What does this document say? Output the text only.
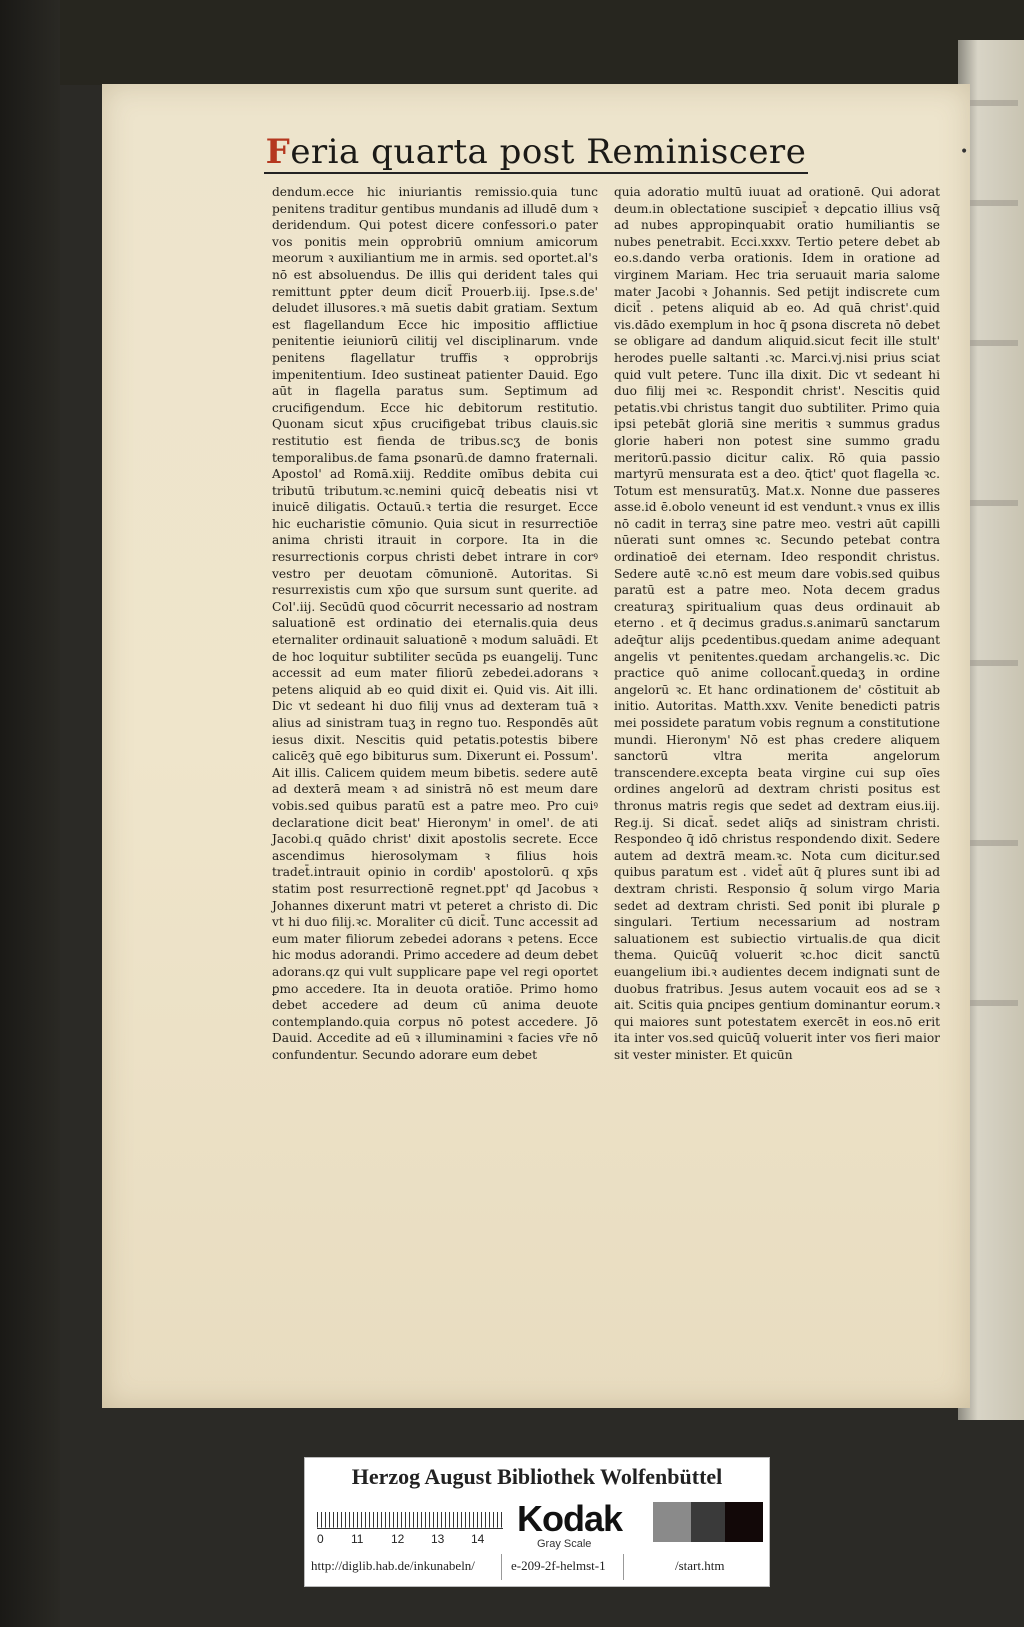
Feria quarta post Reminiscere	•

dendum.ecce hic iniuriantis remissio.quia tunc penitens traditur gentibus mundanis ad illudē dum ꝛ deridendum. Qui potest dicere confessori.o pater vos ponitis mein opprobriū omnium amicorum meorum ꝛ auxiliantium me in armis. sed oportet.al's nō est absoluendus. De illis qui derident tales qui remittunt ꝑpter deum dicit̄ Prouerb.iij. Ipse.s.de' deludet illusores.ꝛ mā suetis dabit gratiam. Sextum est flagellandum Ecce hic impositio afflictiue penitentie ieiuniorū cilitij vel disciplinarum. vnde penitens flagellatur truffis ꝛ opprobrijs impenitentium. Ideo sustineat patienter Dauid. Ego aūt in flagella paratus sum. Septimum ad crucifigendum. Ecce hic debitorum restitutio. Quonam sicut xp̄us crucifigebat tribus clauis.sic restitutio est fienda de tribus.scʒ de bonis temporalibus.de fama ꝑsonarū.de damno fraternali. Apostol' ad Romā.xiij. Reddite omībus debita cui tributū tributum.ꝛc.nemini quicq̄ debeatis nisi vt inuicē diligatis. Octauū.ꝛ tertia die resurget. Ecce hic eucharistie cōmunio. Quia sicut in resurrectiōe anima christi itrauit in corpore. Ita in die resurrectionis corpus christi debet intrare in corꝰ vestro per deuotam cōmunionē. Autoritas. Si resurrexistis cum xp̄o que sursum sunt querite. ad Col'.iij. Secūdū quod cōcurrit necessario ad nostram saluationē est ordinatio dei eternalis.quia deus eternaliter ordinauit saluationē ꝛ modum saluādi. Et de hoc loquitur subtiliter secūda ps euangelij. Tunc accessit ad eum mater filiorū zebedei.adorans ꝛ petens aliquid ab eo quid dixit ei. Quid vis. Ait illi. Dic vt sedeant hi duo filij vnus ad dexteram tuā ꝛ alius ad sinistram tuaʒ in regno tuo. Respondēs aūt iesus dixit. Nescitis quid petatis.potestis bibere calicēʒ quē ego bibiturus sum. Dixerunt ei. Possum'. Ait illis. Calicem quidem meum bibetis. sedere autē ad dexterā meam ꝛ ad sinistrā nō est meum dare vobis.sed quibus paratū est a patre meo. Pro cuiꝰ declaratione dicit beat' Hieronym' in omel'. de ati Jacobi.q quādo christ' dixit apostolis secrete. Ecce ascendimus hierosolymam ꝛ filius hois tradet̄.intrauit opinio in cordib' apostolorū. q xp̄s statim post resurrectionē regnet.ppt' qd Jacobus ꝛ Johannes dixerunt matri vt peteret a christo di. Dic vt hi duo filij.ꝛc. Moraliter cū dicit̄. Tunc accessit ad eum mater filiorum zebedei adorans ꝛ petens. Ecce hic modus adorandi. Primo accedere ad deum debet adorans.qz qui vult supplicare pape vel regi oportet ꝑmo accedere. Ita in deuota oratiōe. Primo homo debet accedere ad deum cū anima deuote contemplando.quia corpus nō potest accedere. Jō Dauid. Accedite ad eū ꝛ illuminamini ꝛ facies vr̄e nō confundentur. Secundo adorare eum debet

quia adoratio multū iuuat ad orationē. Qui adorat deum.in oblectatione suscipiet̄ ꝛ deꝑcatio illius vsq̄ ad nubes appropinquabit oratio humiliantis se nubes penetrabit. Ecci.xxxv. Tertio petere debet ab eo.s.dando verba orationis. Idem in oratione ad virginem Mariam. Hec tria seruauit maria salome mater Jacobi ꝛ Johannis. Sed petijt indiscrete cum dicit̄ . petens aliquid ab eo. Ad quā christ'.quid vis.dādo exemplum in hoc q̄ ꝑsona discreta nō debet se obligare ad dandum aliquid.sicut fecit ille stult' herodes puelle saltanti .ꝛc. Marci.vj.nisi prius sciat quid vult petere. Tunc illa dixit. Dic vt sedeant hi duo filij mei ꝛc. Respondit christ'. Nescitis quid petatis.vbi christus tangit duo subtiliter. Primo quia ipsi petebāt gloriā sine meritis ꝛ summus gradus glorie haberi non potest sine summo gradu meritorū.passio dicitur calix. Rō quia passio martyrū mensurata est a deo. q̄tict' quot flagella ꝛc. Totum est mensuratūʒ. Mat.x. Nonne due passeres asse.id ē.obolo veneunt id est vendunt.ꝛ vnus ex illis nō cadit in terraʒ sine patre meo. vestri aūt capilli nūerati sunt omnes ꝛc. Secundo petebat contra ordinatioē dei eternam. Ideo respondit christus. Sedere autē ꝛc.nō est meum dare vobis.sed quibus paratū est a patre meo. Nota decem gradus creaturaʒ spiritualium quas deus ordinauit ab eterno . et q̄ decimus gradus.s.animarū sanctarum adeq̄tur alijs ꝑcedentibus.quedam anime adequant angelis vt penitentes.quedam archangelis.ꝛc. Dic practice quō anime collocant̄.quedaʒ in ordine angelorū ꝛc. Et hanc ordinationem de' cōstituit ab initio. Autoritas. Matth.xxv. Venite benedicti patris mei possidete paratum vobis regnum a constitutione mundi. Hieronym' Nō est phas credere aliquem sanctorū vltra merita angelorum transcendere.excepta beata virgine cui sup oīes ordines angelorū ad dextram christi positus est thronus matris regis que sedet ad dextram eius.iij. Reg.ij. Si dicat̄. sedet aliq̄s ad sinistram christi. Respondeo q̄ idō christus respondendo dixit. Sedere autem ad dextrā meam.ꝛc. Nota cum dicitur.sed quibus paratum est . videt̄ aūt q̄ plures sunt ibi ad dextram christi. Responsio q̄ solum virgo Maria sedet ad dextram christi. Sed ponit ibi plurale ꝑ singulari. Tertium necessarium ad nostram saluationem est subiectio virtualis.de qua dicit thema. Quicūq̄ voluerit ꝛc.hoc dicit sanctū euangelium ibi.ꝛ audientes decem indignati sunt de duobus fratribus. Jesus autem vocauit eos ad se ꝛ ait. Scitis quia ꝑncipes gentium dominantur eorum.ꝛ qui maiores sunt potestatem exercēt in eos.nō erit ita inter vos.sed quicūq̄ voluerit inter vos fieri maior sit vester minister. Et quicūn

Herzog August Bibliothek Wolfenbüttel
0 11 12 13 14 Kodak
Gray Scale
http://diglib.hab.de/inkunabeln/	e-209-2f-helmst-1	/start.htm
